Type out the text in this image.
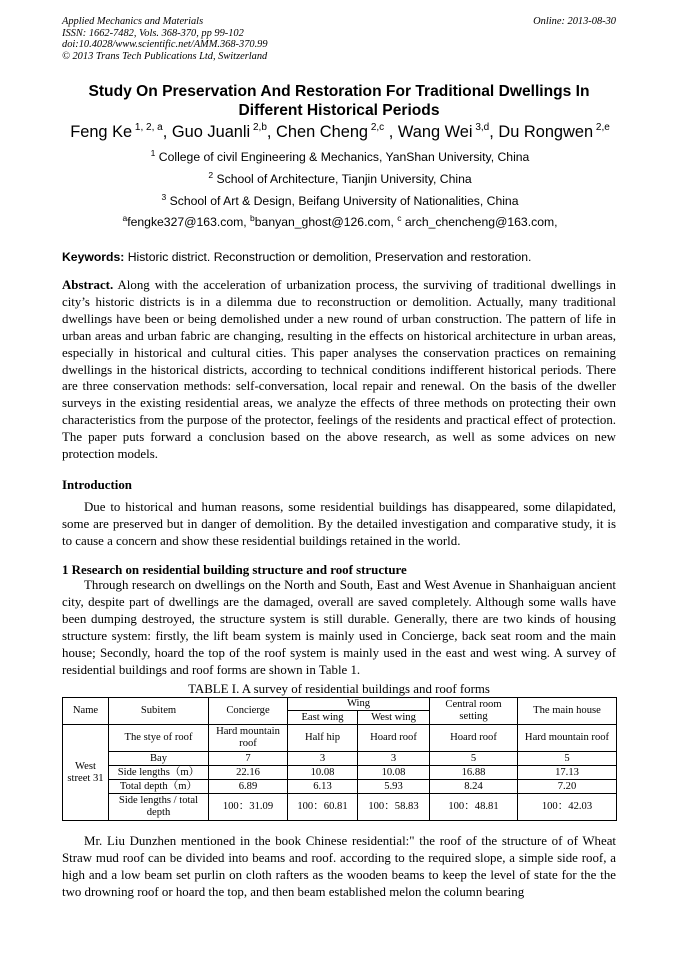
Applied Mechanics and Materials
ISSN: 1662-7482, Vols. 368-370, pp 99-102
doi:10.4028/www.scientific.net/AMM.368-370.99
© 2013 Trans Tech Publications Ltd, Switzerland
Online: 2013-08-30
Study On Preservation And Restoration For Traditional Dwellings In Different Historical Periods
Feng Ke $^{1, 2, a}$, Guo Juanli $^{2,b}$, Chen Cheng $^{2,c}$ , Wang Wei $^{3,d}$, Du Rongwen $^{2,e}$
$^1$ College of civil Engineering & Mechanics, YanShan University, China
$^2$ School of Architecture, Tianjin University, China
$^3$ School of Art & Design, Beifang University of Nationalities, China
$^a$fengke327@163.com, $^b$banyan_ghost@126.com, $^c$ arch_chencheng@163.com,
Keywords: Historic district. Reconstruction or demolition, Preservation and restoration.
Abstract. Along with the acceleration of urbanization process, the surviving of traditional dwellings in city’s historic districts is in a dilemma due to reconstruction or demolition. Actually, many traditional dwellings have been or being demolished under a new round of urban construction. The pattern of life in urban areas and urban fabric are changing, resulting in the effects on historical architecture in urban areas, especially in historical and cultural cities. This paper analyses the conservation practices on remaining dwellings in the historical districts, according to technical conditions indifferent historical periods. There are three conservation methods: self-conversation, local repair and renewal. On the basis of the dweller surveys in the existing residential areas, we analyze the effects of three methods on protecting their own characteristics from the purpose of the protector, feelings of the residents and practical effect of protection. The paper puts forward a conclusion based on the above research, as well as some advices on new protection models.
Introduction
Due to historical and human reasons, some residential buildings has disappeared, some dilapidated, some are preserved but in danger of demolition. By the detailed investigation and comparative study, it is to cause a concern and show these residential buildings retained in the world.
1 Research on residential building structure and roof structure
Through research on dwellings on the North and South, East and West Avenue in Shanhaiguan ancient city, despite part of dwellings are the damaged, overall are saved completely. Although some walls have been dumping destroyed, the structure system is still durable. Generally, there are two kinds of housing structure system: firstly, the lift beam system is mainly used in Concierge, back seat room and the main house; Secondly, hoard the top of the roof system is mainly used in the east and west wing. A survey of residential buildings and roof forms are shown in Table 1.
TABLE I. A survey of residential buildings and roof forms
Name	Subitem	Concierge	Wing		Central room setting	The main house
			East wing	West wing		
West street 31	The stye of roof	Hard mountain roof	Half hip	Hoard roof	Hoard roof	Hard mountain roof
	Bay	7	3	3	5	5
	Side lengths（m）	22.16	10.08	10.08	16.88	17.13
	Total depth（m）	6.89	6.13	5.93	8.24	7.20
	Side lengths / total depth	100：31.09	100：60.81	100：58.83	100：48.81	100：42.03
Mr. Liu Dunzhen mentioned in the book Chinese residential:" the roof of the structure of of Wheat Straw mud roof can be divided into beams and roof. according to the required slope, a simple side roof, a high and a low beam set purlin on cloth rafters as the wooden beams to keep the level of state for the the two drowning roof or hoard the top, and then beam established melon the column bearing
